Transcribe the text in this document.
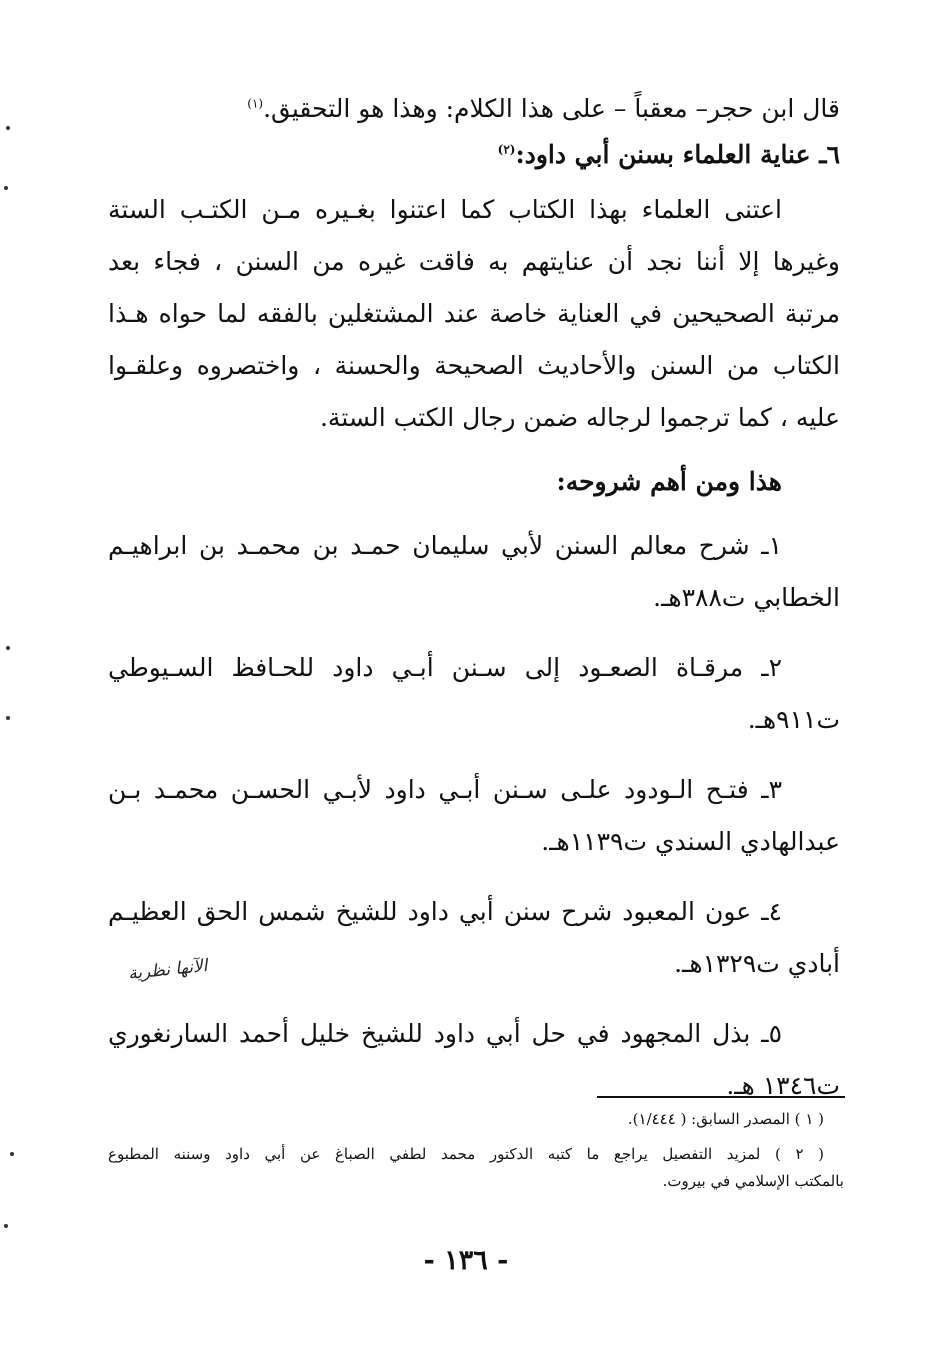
قال ابن حجر– معقباً – على هذا الكلام: وهذا هو التحقيق.$^{(١)}$

٦ـ عناية العلماء بسنن أبي داود:$^{(٢)}$

اعتنى العلماء بهذا الكتاب كما اعتنوا بغـيره مـن الكتـب الستة

وغيرها إلا أننا نجد أن عنايتهم به فاقت غيره من السنن ، فجاء بعد

مرتبة الصحيحين في العناية خاصة عند المشتغلين بالفقه لما حواه هـذا

الكتاب من السنن والأحاديث الصحيحة والحسنة ، واختصروه وعلقـوا

عليه ، كما ترجموا لرجاله ضمن رجال الكتب الستة.

هذا ومن أهم شروحه:

١ـ شرح معالم السنن لأبي سليمان حمـد بن محمـد بن ابراهيـم

الخطابي ت٣٨٨هـ.

٢ـ مرقـاة الصعـود إلى سـنن أبـي داود للحـافظ السـيوطي

ت٩١١هـ.

٣ـ فتـح الـودود علـى سـنن أبـي داود لأبـي الحسـن محمـد بـن

عبدالهادي السندي ت١١٣٩هـ.

٤ـ عون المعبود شرح سنن أبي داود للشيخ شمس الحق العظيـم

أبادي ت١٣٢٩هـ.

٥ـ بذل المجهود في حل أبي داود للشيخ خليل أحمد السارنغوري

ت١٣٤٦ هـ.

الآنها نظرية

( ١ ) المصدر السابق: ( ١/٤٤٤).

( ٢ ) لمزيد التفصيل يراجع ما كتبه الدكتور محمد لطفي الصباغ عن أبي داود وسننه المطبوع

بالمكتب الإسلامي في بيروت.

- ١٣٦ -
